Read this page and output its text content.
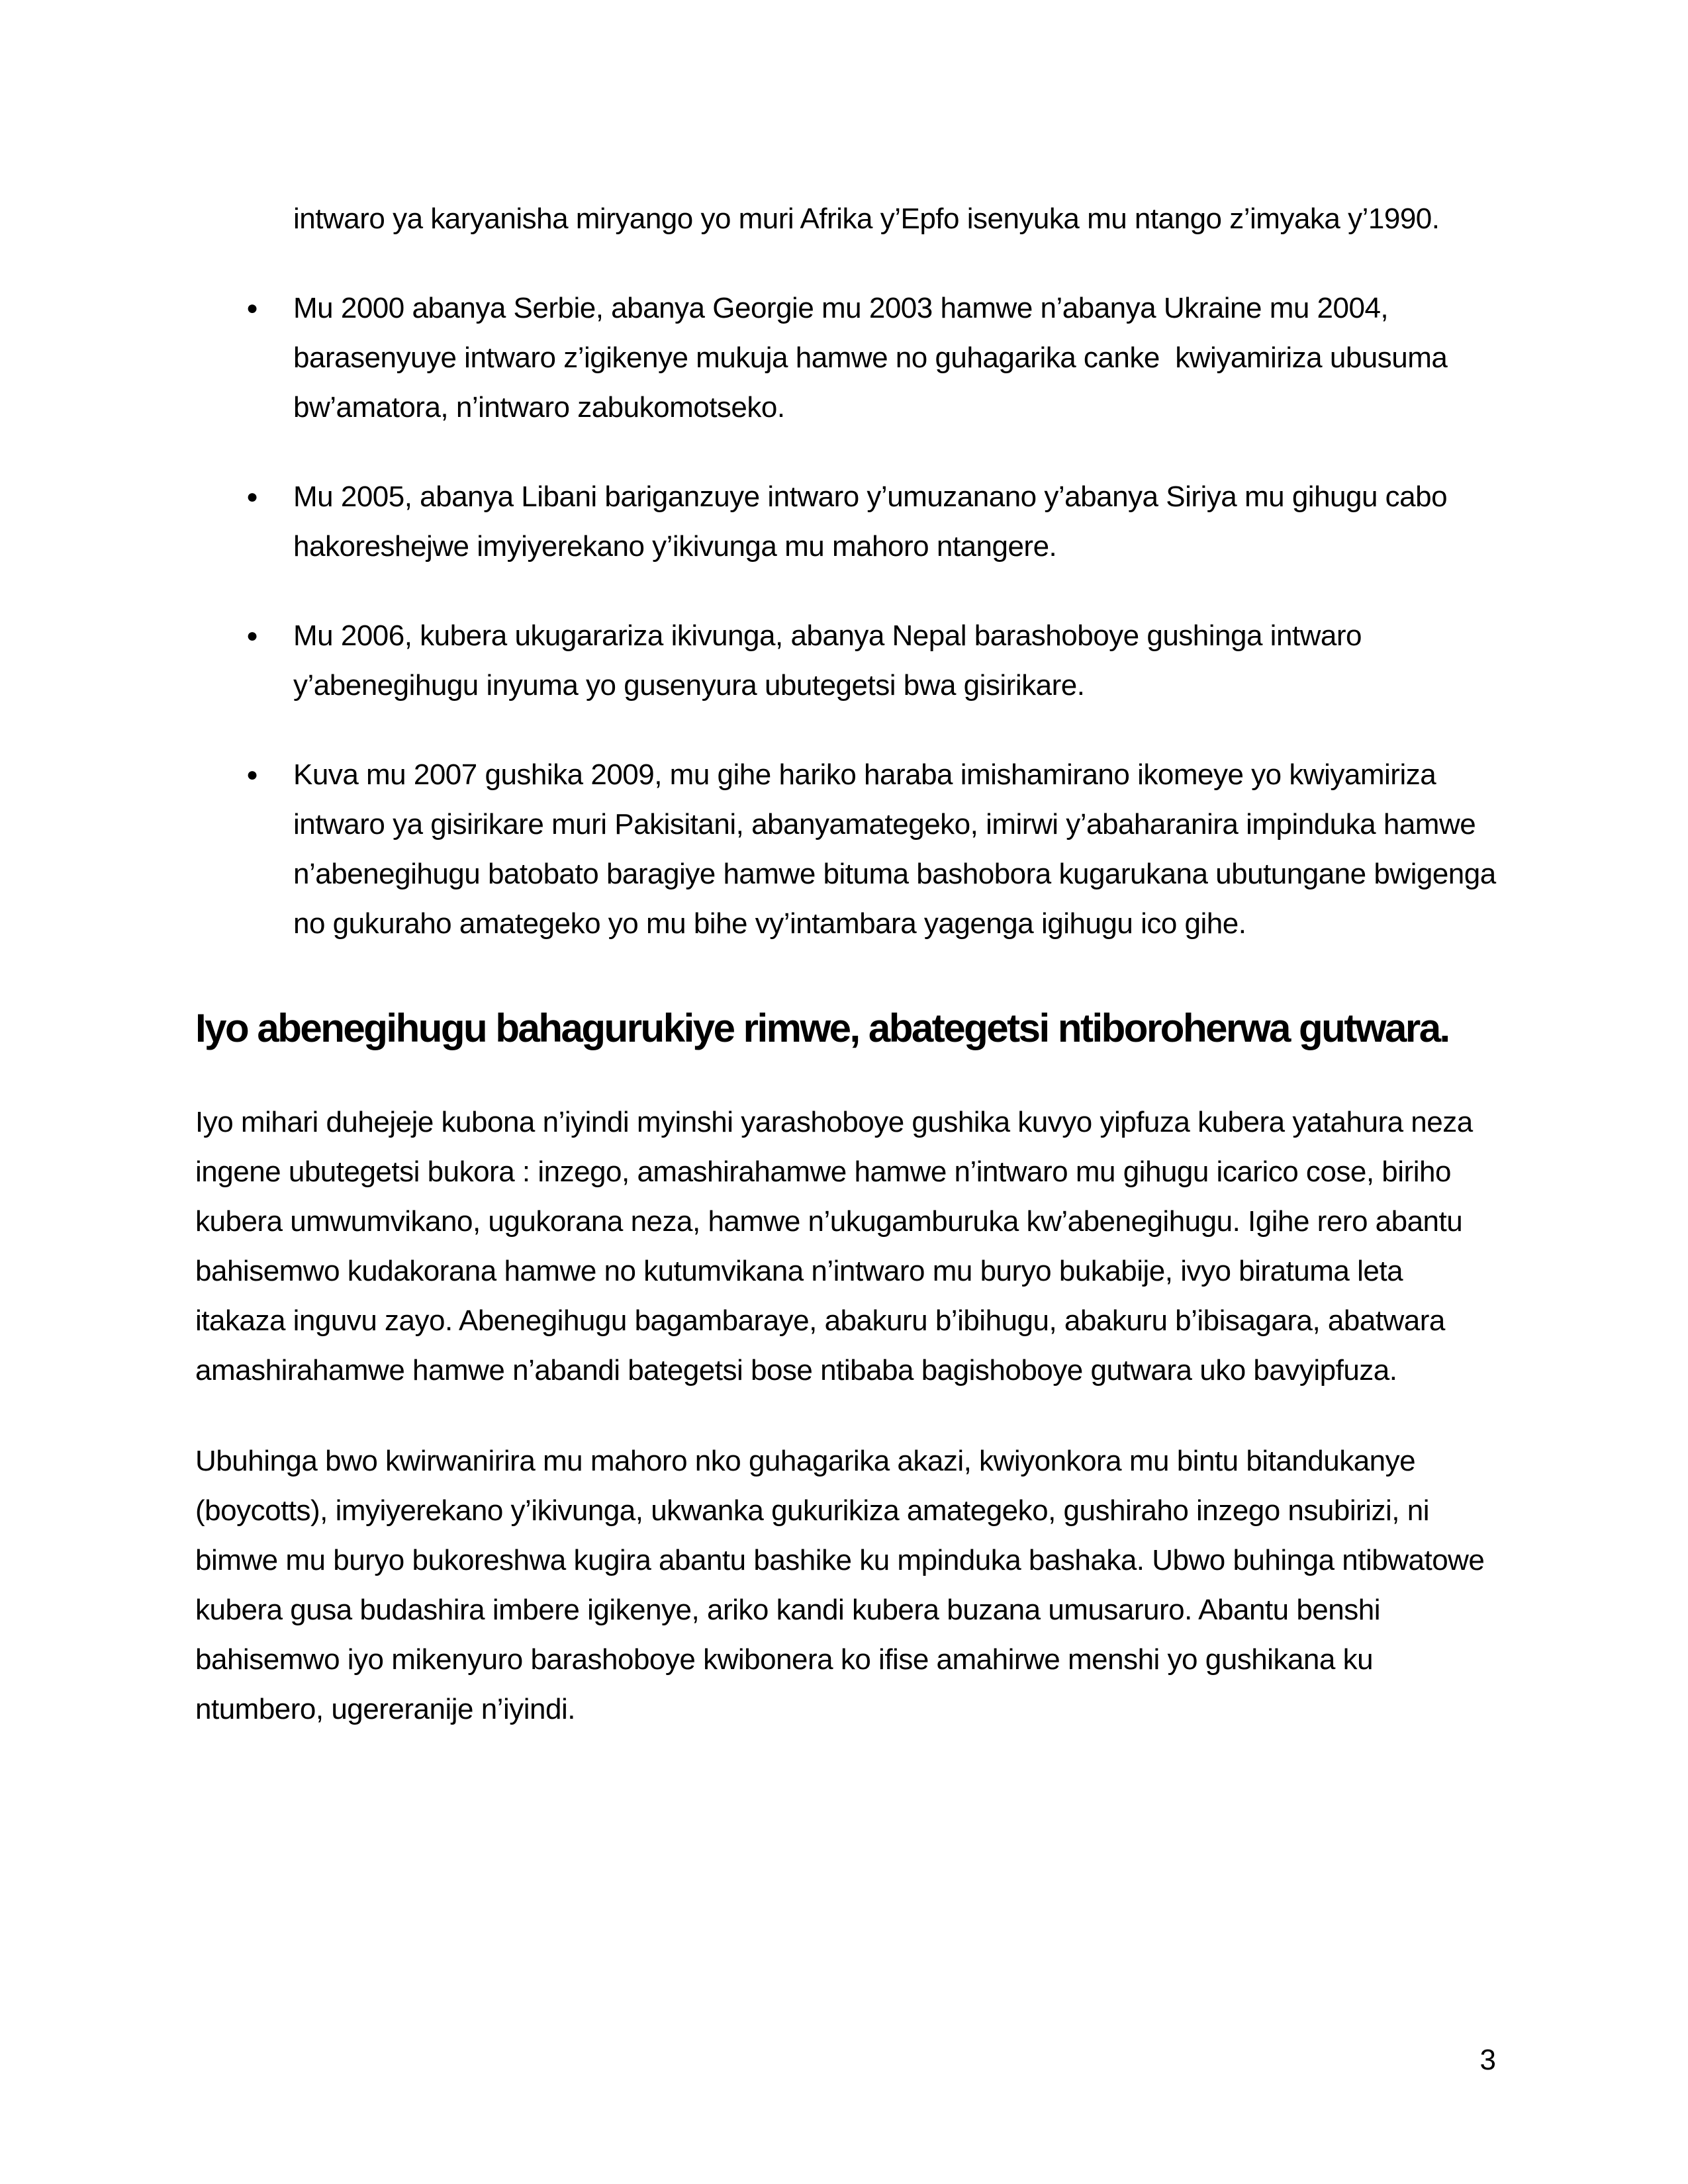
intwaro ya karyanisha miryango yo muri Afrika y’Epfo isenyuka mu ntango z’imyaka y’1990.

●	Mu 2000 abanya Serbie, abanya Georgie mu 2003 hamwe n’abanya Ukraine mu 2004, barasenyuye intwaro z’igikenye mukuja hamwe no guhagarika canke  kwiyamiriza ubusuma bw’amatora, n’intwaro zabukomotseko.
●	Mu 2005, abanya Libani bariganzuye intwaro y’umuzanano y’abanya Siriya mu gihugu cabo hakoreshejwe imyiyerekano y’ikivunga mu mahoro ntangere.
●	Mu 2006, kubera ukugarariza ikivunga, abanya Nepal barashoboye gushinga intwaro y’abenegihugu inyuma yo gusenyura ubutegetsi bwa gisirikare.
●	Kuva mu 2007 gushika 2009, mu gihe hariko haraba imishamirano ikomeye yo kwiyamiriza intwaro ya gisirikare muri Pakisitani, abanyamategeko, imirwi y’abaharanira impinduka hamwe n’abenegihugu batobato baragiye hamwe bituma bashobora kugarukana ubutungane bwigenga no gukuraho amategeko yo mu bihe vy’intambara yagenga igihugu ico gihe.
Iyo abenegihugu bahagurukiye rimwe, abategetsi ntiboroherwa gutwara.

Iyo mihari duhejeje kubona n’iyindi myinshi yarashoboye gushika kuvyo yipfuza kubera yatahura neza ingene ubutegetsi bukora : inzego, amashirahamwe hamwe n’intwaro mu gihugu icarico cose, biriho kubera umwumvikano, ugukorana neza, hamwe n’ukugamburuka kw’abenegihugu. Igihe rero abantu bahisemwo kudakorana hamwe no kutumvikana n’intwaro mu buryo bukabije, ivyo biratuma leta itakaza inguvu zayo. Abenegihugu bagambaraye, abakuru b’ibihugu, abakuru b’ibisagara, abatwara amashirahamwe hamwe n’abandi bategetsi bose ntibaba bagishoboye gutwara uko bavyipfuza.

Ubuhinga bwo kwirwanirira mu mahoro nko guhagarika akazi, kwiyonkora mu bintu bitandukanye (boycotts), imyiyerekano y’ikivunga, ukwanka gukurikiza amategeko, gushiraho inzego nsubirizi, ni bimwe mu buryo bukoreshwa kugira abantu bashike ku mpinduka bashaka. Ubwo buhinga ntibwatowe kubera gusa budashira imbere igikenye, ariko kandi kubera buzana umusaruro. Abantu benshi bahisemwo iyo mikenyuro barashoboye kwibonera ko ifise amahirwe menshi yo gushikana ku ntumbero, ugereranije n’iyindi.

3
